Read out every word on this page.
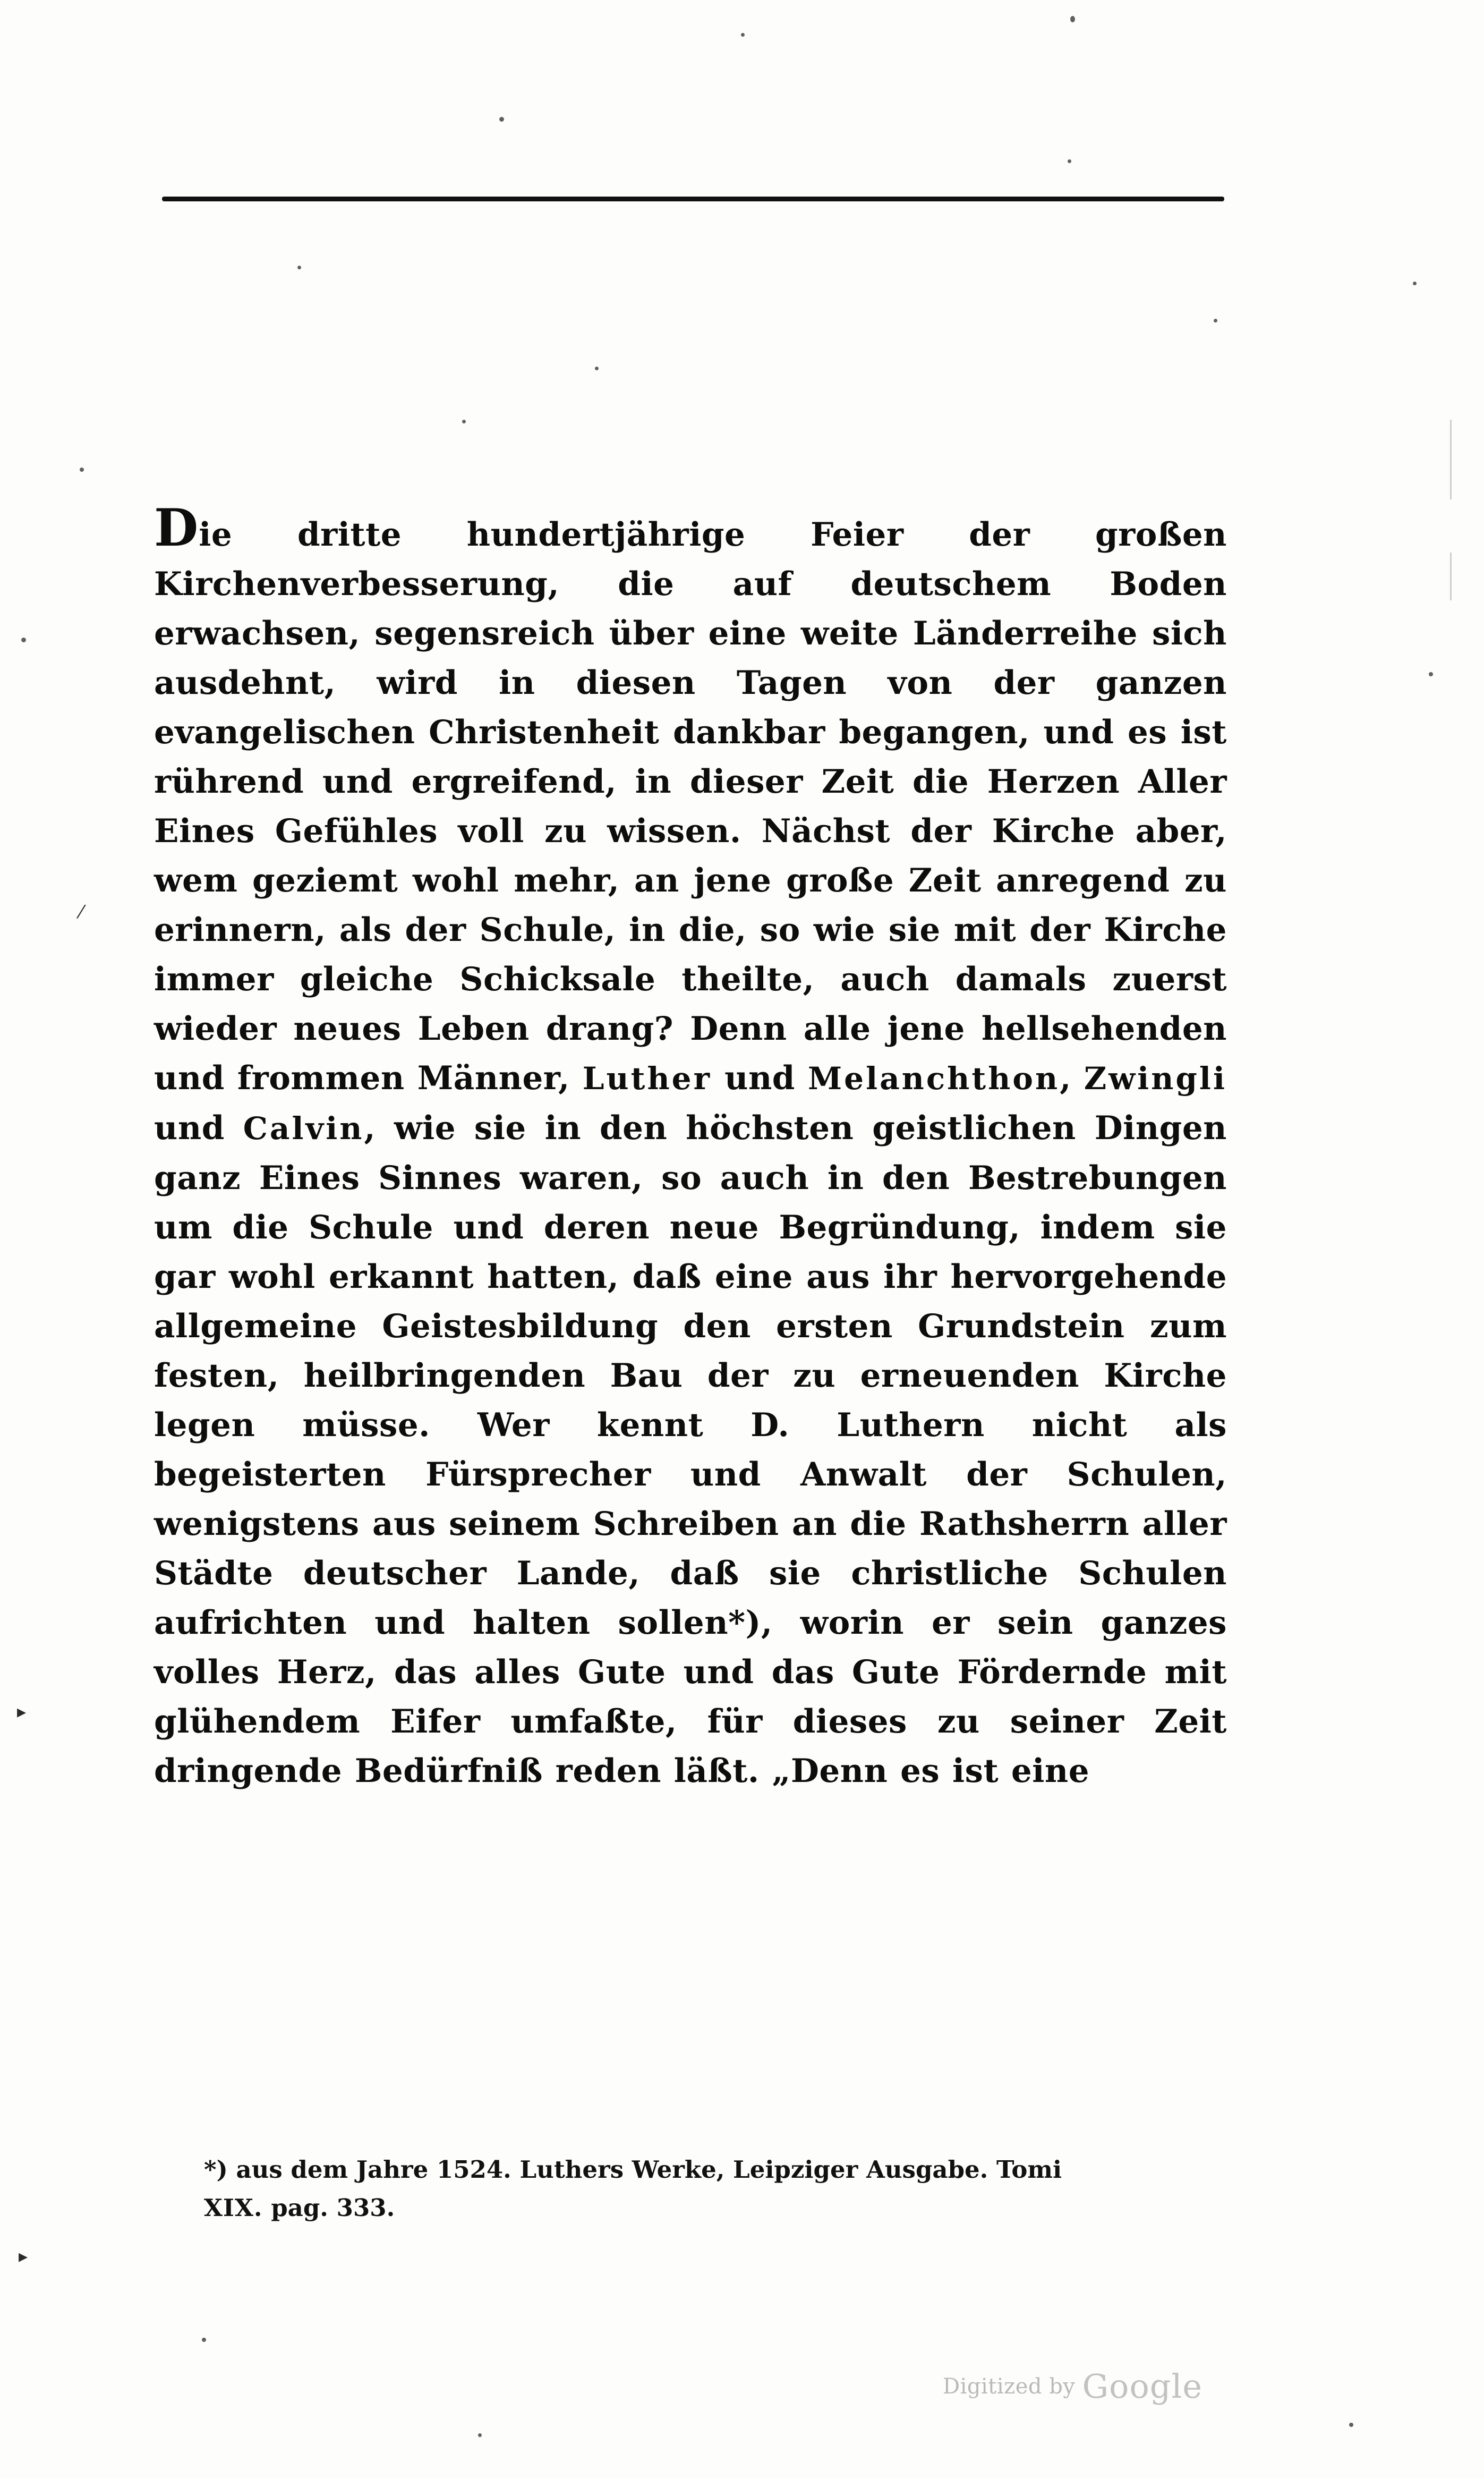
⁄
▸
▸

Die dritte hundertjährige Feier der großen Kirchenverbesserung, die auf deutschem Boden erwachsen, segensreich über eine weite Länderreihe sich ausdehnt, wird in diesen Tagen von der ganzen evangelischen Christenheit dankbar begangen, und es ist rührend und ergreifend, in dieser Zeit die Herzen Aller Eines Gefühles voll zu wissen. Nächst der Kirche aber, wem geziemt wohl mehr, an jene große Zeit anregend zu erinnern, als der Schule, in die, so wie sie mit der Kirche immer gleiche Schicksale theilte, auch damals zuerst wieder neues Leben drang? Denn alle jene hellsehenden und frommen Männer, Luther und Melanchthon, Zwingli und Calvin, wie sie in den höchsten geistlichen Dingen ganz Eines Sinnes waren, so auch in den Bestrebungen um die Schule und deren neue Begründung, indem sie gar wohl erkannt hatten, daß eine aus ihr hervorgehende allgemeine Geistesbildung den ersten Grundstein zum festen, heilbringenden Bau der zu erneuenden Kirche legen müsse. Wer kennt D. Luthern nicht als begeisterten Fürsprecher und Anwalt der Schulen, wenigstens aus seinem Schreiben an die Rathsherrn aller Städte deutscher Lande, daß sie christliche Schulen aufrichten und halten sollen*), worin er sein ganzes volles Herz, das alles Gute und das Gute Fördernde mit glühendem Eifer umfaßte, für dieses zu seiner Zeit dringende Bedürfniß reden läßt. „Denn es ist eine

*) aus dem Jahre 1524. Luthers Werke, Leipziger Ausgabe. Tomi
XIX. pag. 333.
Digitized by Google
